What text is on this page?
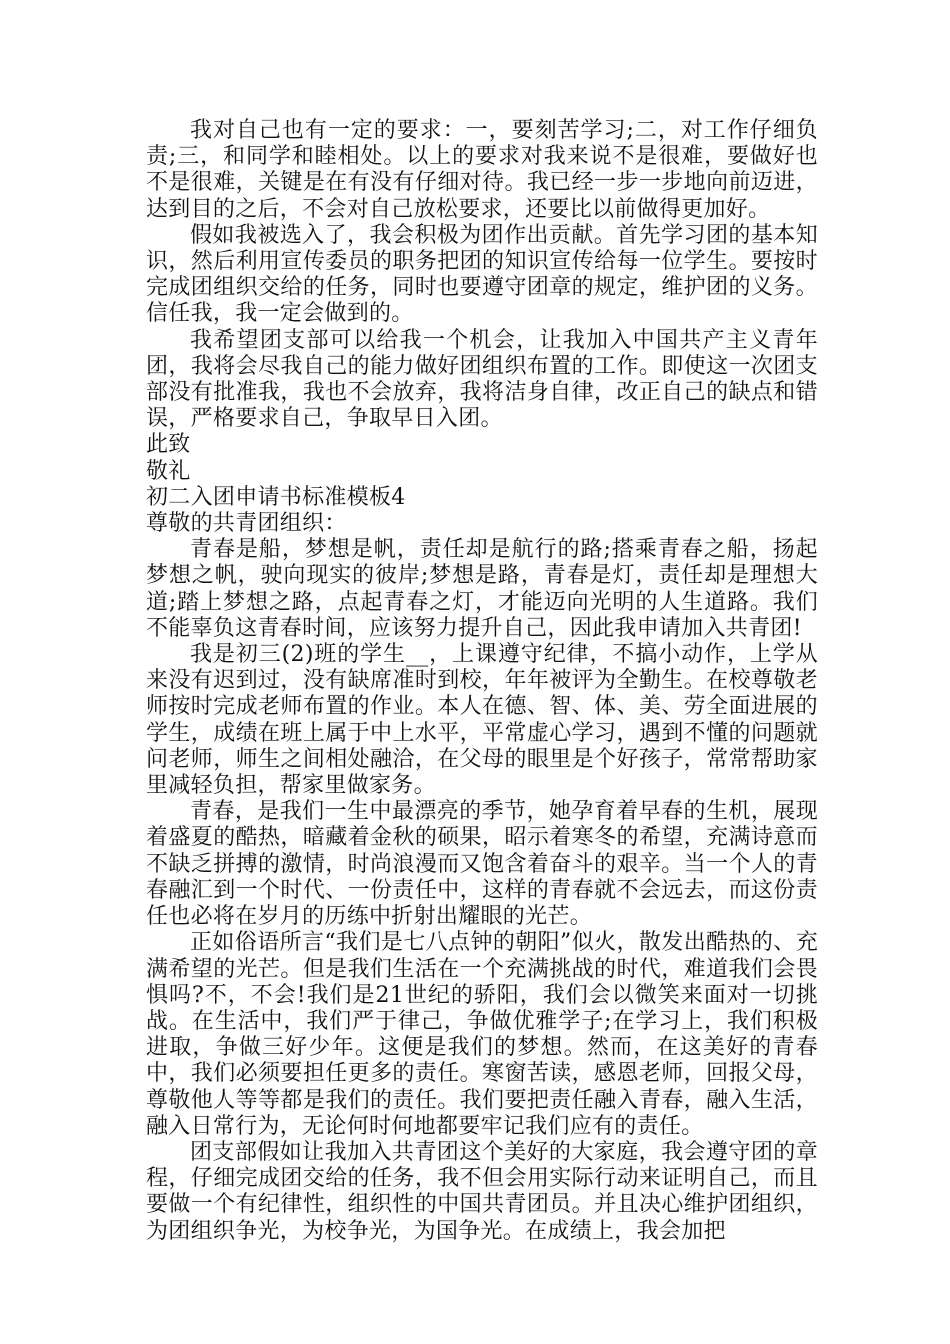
我对自己也有一定的要求：一，要刻苦学习;二，对工作仔细负责;三，和同学和睦相处。以上的要求对我来说不是很难，要做好也不是很难，关键是在有没有仔细对待。我已经一步一步地向前迈进，达到目的之后，不会对自己放松要求，还要比以前做得更加好。

假如我被选入了，我会积极为团作出贡献。首先学习团的基本知识，然后利用宣传委员的职务把团的知识宣传给每一位学生。要按时完成团组织交给的任务，同时也要遵守团章的规定，维护团的义务。信任我，我一定会做到的。

我希望团支部可以给我一个机会，让我加入中国共产主义青年团，我将会尽我自己的能力做好团组织布置的工作。即使这一次团支部没有批准我，我也不会放弃，我将洁身自律，改正自己的缺点和错误，严格要求自己，争取早日入团。

此致

敬礼

初二入团申请书标准模板4

尊敬的共青团组织：

青春是船，梦想是帆，责任却是航行的路;搭乘青春之船，扬起梦想之帆，驶向现实的彼岸;梦想是路，青春是灯，责任却是理想大道;踏上梦想之路，点起青春之灯，才能迈向光明的人生道路。我们不能辜负这青春时间，应该努力提升自己，因此我申请加入共青团!

我是初三(2)班的学生__，上课遵守纪律，不搞小动作，上学从来没有迟到过，没有缺席准时到校，年年被评为全勤生。在校尊敬老师按时完成老师布置的作业。本人在德、智、体、美、劳全面进展的学生，成绩在班上属于中上水平，平常虚心学习，遇到不懂的问题就问老师，师生之间相处融洽，在父母的眼里是个好孩子，常常帮助家里减轻负担，帮家里做家务。

青春，是我们一生中最漂亮的季节，她孕育着早春的生机，展现着盛夏的酷热，暗藏着金秋的硕果，昭示着寒冬的希望，充满诗意而不缺乏拼搏的激情，时尚浪漫而又饱含着奋斗的艰辛。当一个人的青春融汇到一个时代、一份责任中，这样的青春就不会远去，而这份责任也必将在岁月的历练中折射出耀眼的光芒。

正如俗语所言“我们是七八点钟的朝阳”似火，散发出酷热的、充满希望的光芒。但是我们生活在一个充满挑战的时代，难道我们会畏惧吗?不，不会!我们是21世纪的骄阳，我们会以微笑来面对一切挑战。在生活中，我们严于律己，争做优雅学子;在学习上，我们积极进取，争做三好少年。这便是我们的梦想。然而，在这美好的青春中，我们必须要担任更多的责任。寒窗苦读，感恩老师，回报父母，尊敬他人等等都是我们的责任。我们要把责任融入青春，融入生活，融入日常行为，无论何时何地都要牢记我们应有的责任。

团支部假如让我加入共青团这个美好的大家庭，我会遵守团的章程，仔细完成团交给的任务，我不但会用实际行动来证明自己，而且要做一个有纪律性，组织性的中国共青团员。并且决心维护团组织，为团组织争光，为校争光，为国争光。在成绩上，我会加把
